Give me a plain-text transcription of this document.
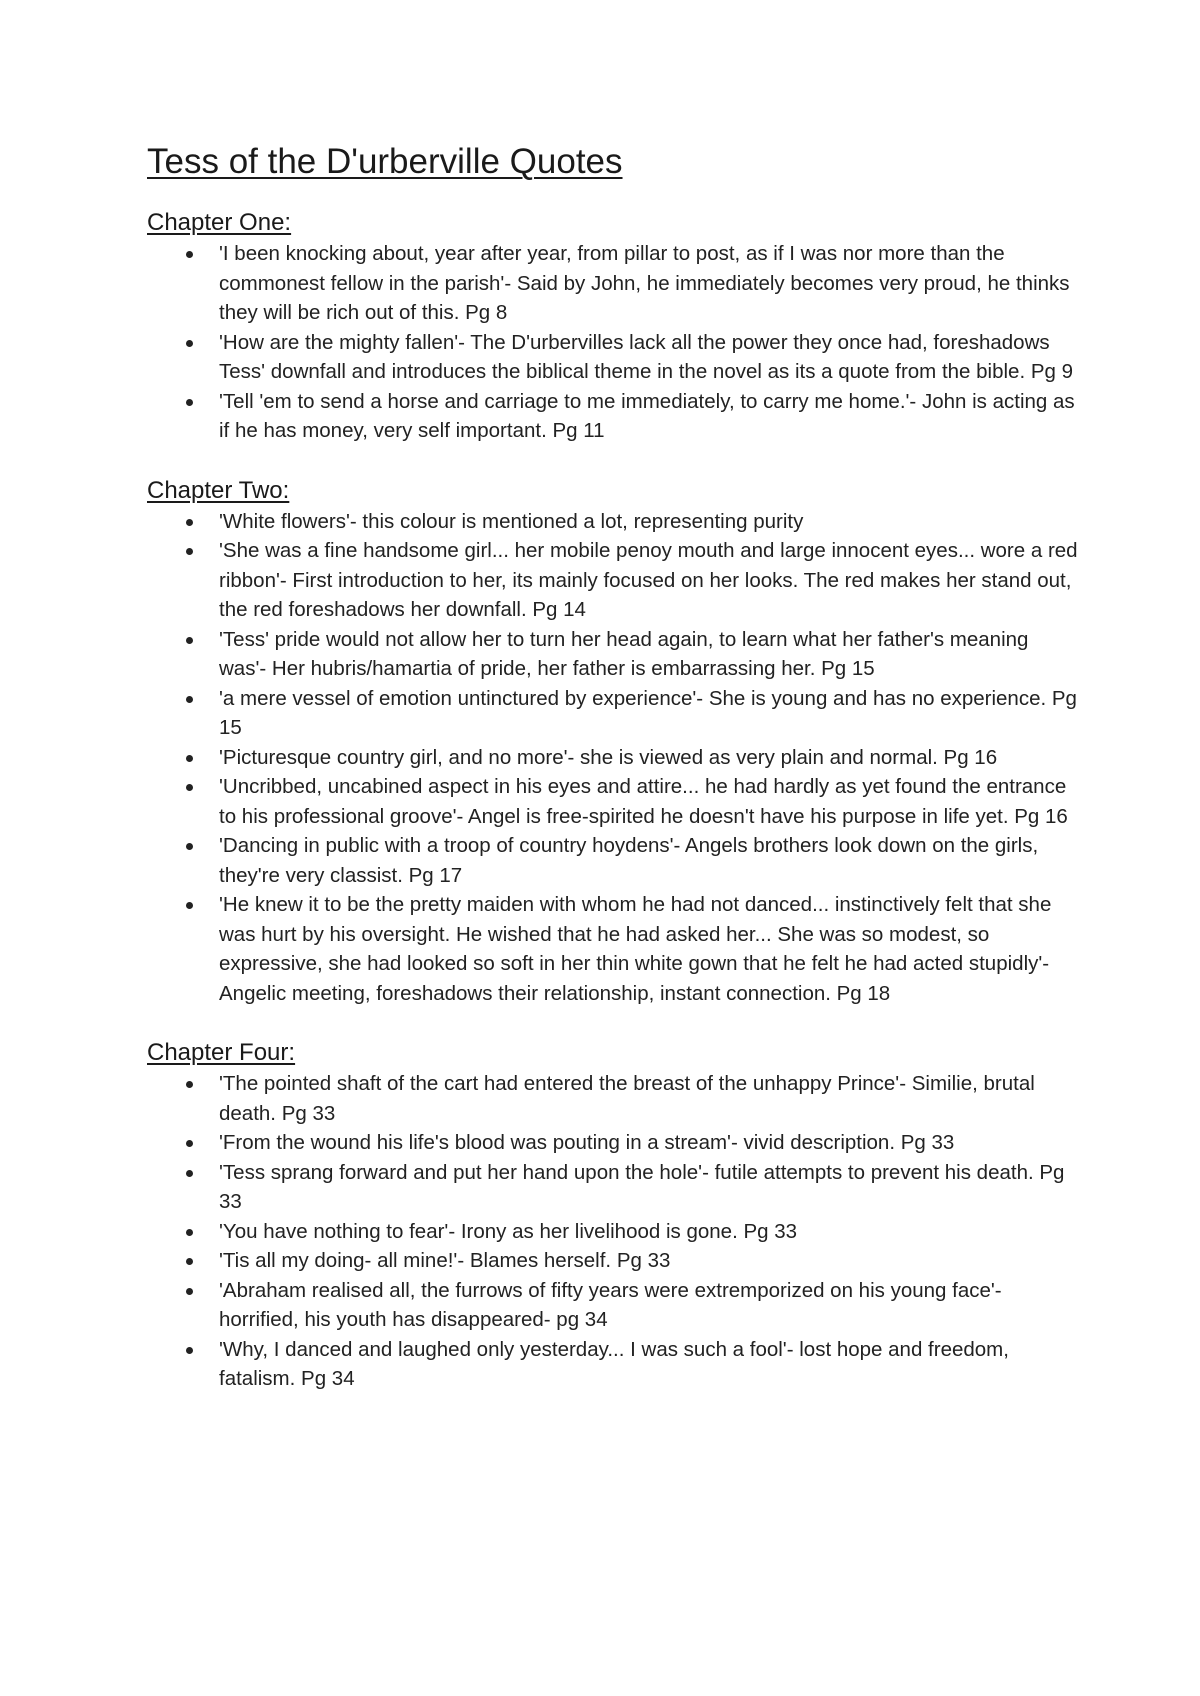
Tess of the D'urberville Quotes
Chapter One:
'I been knocking about, year after year, from pillar to post, as if I was nor more than the commonest fellow in the parish'- Said by John, he immediately becomes very proud, he thinks they will be rich out of this. Pg 8
'How are the mighty fallen'- The D'urbervilles lack all the power they once had, foreshadows Tess' downfall and introduces the biblical theme in the novel as its a quote from the bible. Pg 9
'Tell 'em to send a horse and carriage to me immediately, to carry me home.'- John is acting as if he has money, very self important. Pg 11
Chapter Two:
'White flowers'- this colour is mentioned a lot, representing purity
'She was a fine handsome girl... her mobile penoy mouth and large innocent eyes... wore a red ribbon'- First introduction to her, its mainly focused on her looks. The red makes her stand out, the red foreshadows her downfall. Pg 14
'Tess' pride would not allow her to turn her head again, to learn what her father's meaning was'- Her hubris/hamartia of pride, her father is embarrassing her. Pg 15
'a mere vessel of emotion untinctured by experience'- She is young and has no experience. Pg 15
'Picturesque country girl, and no more'- she is viewed as very plain and normal. Pg 16
'Uncribbed, uncabined aspect in his eyes and attire... he had hardly as yet found the entrance to his professional groove'- Angel is free-spirited he doesn't have his purpose in life yet. Pg 16
'Dancing in public with a troop of country hoydens'- Angels brothers look down on the girls, they're very classist. Pg 17
'He knew it to be the pretty maiden with whom he had not danced... instinctively felt that she was hurt by his oversight. He wished that he had asked her... She was so modest, so expressive, she had looked so soft in her thin white gown that he felt he had acted stupidly'- Angelic meeting, foreshadows their relationship, instant connection. Pg 18
Chapter Four:
'The pointed shaft of the cart had entered the breast of the unhappy Prince'- Similie, brutal death. Pg 33
'From the wound his life's blood was pouting in a stream'- vivid description. Pg 33
'Tess sprang forward and put her hand upon the hole'- futile attempts to prevent his death. Pg 33
'You have nothing to fear'- Irony as her livelihood is gone. Pg 33
'Tis all my doing- all mine!'- Blames herself. Pg 33
'Abraham realised all, the furrows of fifty years were extremporized on his young face'- horrified, his youth has disappeared- pg 34
'Why, I danced and laughed only yesterday... I was such a fool'- lost hope and freedom, fatalism. Pg 34
